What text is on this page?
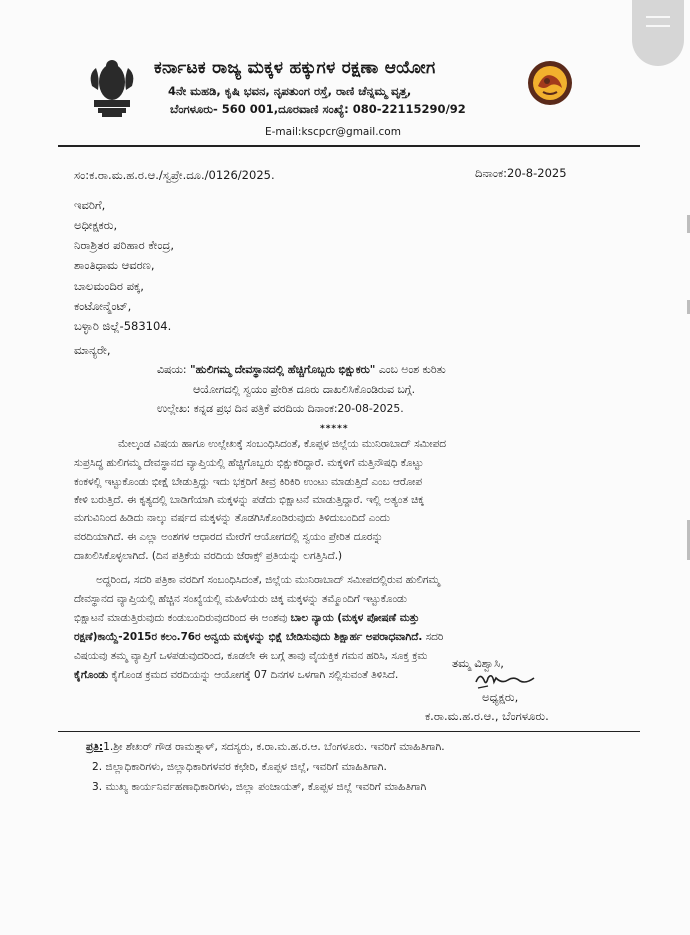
ಕರ್ನಾಟಕ ರಾಜ್ಯ ಮಕ್ಕಳ ಹಕ್ಕುಗಳ ರಕ್ಷಣಾ ಆಯೋಗ
4ನೇ ಮಹಡಿ, ಕೃಷಿ ಭವನ, ನೃಪತುಂಗ ರಸ್ತೆ, ರಾಣಿ ಚೆನ್ನಮ್ಮ ವೃತ್ತ,
ಬೆಂಗಳೂರು- 560 001,ದೂರವಾಣಿ ಸಂಖ್ಯೆ: 080-22115290/92
E-mail:kscpcr@gmail.com
ಸಂ:ಕ.ರಾ.ಮ.ಹ.ರ.ಆ./ಸ್ವಪ್ರೇ.ದೂ./0126/2025.	ದಿನಾಂಕ:20-8-2025
ಇವರಿಗೆ,
ಅಧೀಕ್ಷಕರು,
ನಿರಾಶ್ರಿತರ ಪರಿಹಾರ ಕೇಂದ್ರ,
ಶಾಂತಿಧಾಮ ಆವರಣ,
ಬಾಲಮಂದಿರ ಪಕ್ಕ,
ಕಂಟೋನ್ಮೆಂಟ್,
ಬಳ್ಳಾರಿ ಜಿಲ್ಲೆ-583104.
ಮಾನ್ಯರೇ,
ವಿಷಯ: "ಹುಲಿಗಮ್ಮ ದೇವಸ್ಥಾನದಲ್ಲಿ ಹೆಚ್ಚಿಗೊಬ್ಬರು ಭಿಕ್ಷುಕರು" ಎಂಬ ಅಂಶ ಕುರಿತು
ಆಯೋಗದಲ್ಲಿ ಸ್ವಯಂ ಪ್ರೇರಿತ ದೂರು ದಾಖಲಿಸಿಕೊಂಡಿರುವ ಬಗ್ಗೆ.
ಉಲ್ಲೇಖ: ಕನ್ನಡ ಪ್ರಭ ದಿನ ಪತ್ರಿಕೆ ವರದಿಯ ದಿನಾಂಕ:20-08-2025.
*****
ಮೇಲ್ಕಂಡ ವಿಷಯ ಹಾಗೂ ಉಲ್ಲೇಖಕ್ಕೆ ಸಂಬಂಧಿಸಿದಂತೆ, ಕೊಪ್ಪಳ ಜಿಲ್ಲೆಯ ಮುನಿರಾಬಾದ್ ಸಮೀಪದ
ಸುಪ್ರಸಿದ್ಧ ಹುಲಿಗಮ್ಮ ದೇವಸ್ಥಾನದ ವ್ಯಾಪ್ತಿಯಲ್ಲಿ ಹೆಚ್ಚಿಗೊಬ್ಬರು ಭಿಕ್ಷುಕರಿದ್ದಾರೆ. ಮಕ್ಕಳಿಗೆ ಮತ್ತಿನೌಷಧಿ ಕೊಟ್ಟು
ಕಂಕಳಲ್ಲಿ ಇಟ್ಟುಕೊಂಡು ಭೀಕ್ಷೆ ಬೇಡುತ್ತಿದ್ದು ಇದು ಭಕ್ತರಿಗೆ ತೀವ್ರ ಕಿರಿಕಿರಿ ಉಂಟು ಮಾಡುತ್ತಿದೆ ಎಂಬ ಆರೋಪ
ಕೇಳಿ ಬರುತ್ತಿದೆ. ಈ ಕೃತ್ಯದಲ್ಲಿ ಬಾಡಿಗೆಯಾಗಿ ಮಕ್ಕಳನ್ನು ಪಡೆದು ಭಿಕ್ಷಾಟನೆ ಮಾಡುತ್ತಿದ್ದಾರೆ. ಇಲ್ಲಿ ಅತ್ಯಂತ ಚಿಕ್ಕ
ಮಗುವಿನಿಂದ ಹಿಡಿದು ನಾಲ್ಕು ವರ್ಷದ ಮಕ್ಕಳನ್ನು ತೊಡಗಿಸಿಕೊಂಡಿರುವುದು ತಿಳಿದುಬಂದಿದೆ ಎಂದು
ವರದಿಯಾಗಿದೆ. ಈ ಎಲ್ಲಾ ಅಂಶಗಳ ಆಧಾರದ ಮೇರೆಗೆ ಆಯೋಗದಲ್ಲಿ ಸ್ವಯಂ ಪ್ರೇರಿತ ದೂರನ್ನು
ದಾಖಲಿಸಿಕೊಳ್ಳಲಾಗಿದೆ. (ದಿನ ಪತ್ರಿಕೆಯ ವರದಿಯ ಜೆರಾಕ್ಸ್ ಪ್ರತಿಯನ್ನು ಲಗತ್ತಿಸಿದೆ.)
ಅದ್ದರಿಂದ, ಸದರಿ ಪತ್ರಿಕಾ ವರದಿಗೆ ಸಂಬಂಧಿಸಿದಂತೆ, ಜಿಲ್ಲೆಯ ಮುನಿರಾಬಾದ್ ಸಮೀಪದಲ್ಲಿರುವ ಹುಲಿಗಮ್ಮ
ದೇವಸ್ಥಾನದ ವ್ಯಾಪ್ತಿಯಲ್ಲಿ ಹೆಚ್ಚಿನ ಸಂಖ್ಯೆಯಲ್ಲಿ ಮಹಿಳೆಯರು ಚಿಕ್ಕ ಮಕ್ಕಳನ್ನು ತಮ್ಮೊಂದಿಗೆ ಇಟ್ಟುಕೊಂಡು
ಭಿಕ್ಷಾಟನೆ ಮಾಡುತ್ತಿರುವುದು ಕಂಡುಬಂದಿರುವುದರಿಂದ ಈ ಅಂಶವು ಬಾಲ ನ್ಯಾಯ (ಮಕ್ಕಳ ಪೋಷಣೆ ಮತ್ತು
ರಕ್ಷಣೆ)ಕಾಯ್ದೆ-2015ರ ಕಲಂ.76ರ ಅನ್ವಯ ಮಕ್ಕಳನ್ನು ಭಿಕ್ಷೆ ಬೇಡಿಸುವುದು ಶಿಕ್ಷಾರ್ಹ ಅಪರಾಧವಾಗಿದೆ. ಸದರಿ
ವಿಷಯವು ತಮ್ಮ ವ್ಯಾಪ್ತಿಗೆ ಒಳಪಡುವುದರಿಂದ, ಕೂಡಲೇ ಈ ಬಗ್ಗೆ ತಾವು ವೈಯಕ್ತಿಕ ಗಮನ ಹರಿಸಿ, ಸೂಕ್ತ ಕ್ರಮ
ಕೈಗೊಂಡು ಕೈಗೊಂಡ ಕ್ರಮದ ವರದಿಯನ್ನು ಆಯೋಗಕ್ಕೆ 07 ದಿನಗಳ ಒಳಗಾಗಿ ಸಲ್ಲಿಸುವಂತೆ ತಿಳಿಸಿದೆ.
ತಮ್ಮ ವಿಶ್ವಾಸಿ,
ಅಧ್ಯಕ್ಷರು,
ಕ.ರಾ.ಮ.ಹ.ರ.ಆ., ಬೆಂಗಳೂರು.
ಪ್ರತಿ:1.ಶ್ರೀ ಶೇಖರ್ ಗೌಡ ರಾಮತ್ನಾಳ್, ಸದಸ್ಯರು, ಕ.ರಾ.ಮ.ಹ.ರ.ಆ. ಬೆಂಗಳೂರು. ಇವರಿಗೆ ಮಾಹಿತಿಗಾಗಿ.
2. ಜಿಲ್ಲಾಧಿಕಾರಿಗಳು, ಜಿಲ್ಲಾಧಿಕಾರಿಗಳವರ ಕಛೇರಿ, ಕೊಪ್ಪಳ ಜಿಲ್ಲೆ, ಇವರಿಗೆ ಮಾಹಿತಿಗಾಗಿ.
3. ಮುಖ್ಯ ಕಾರ್ಯನಿರ್ವಹಣಾಧಿಕಾರಿಗಳು, ಜಿಲ್ಲಾ ಪಂಚಾಯತ್, ಕೊಪ್ಪಳ ಜಿಲ್ಲೆ ಇವರಿಗೆ ಮಾಹಿತಿಗಾಗಿ
